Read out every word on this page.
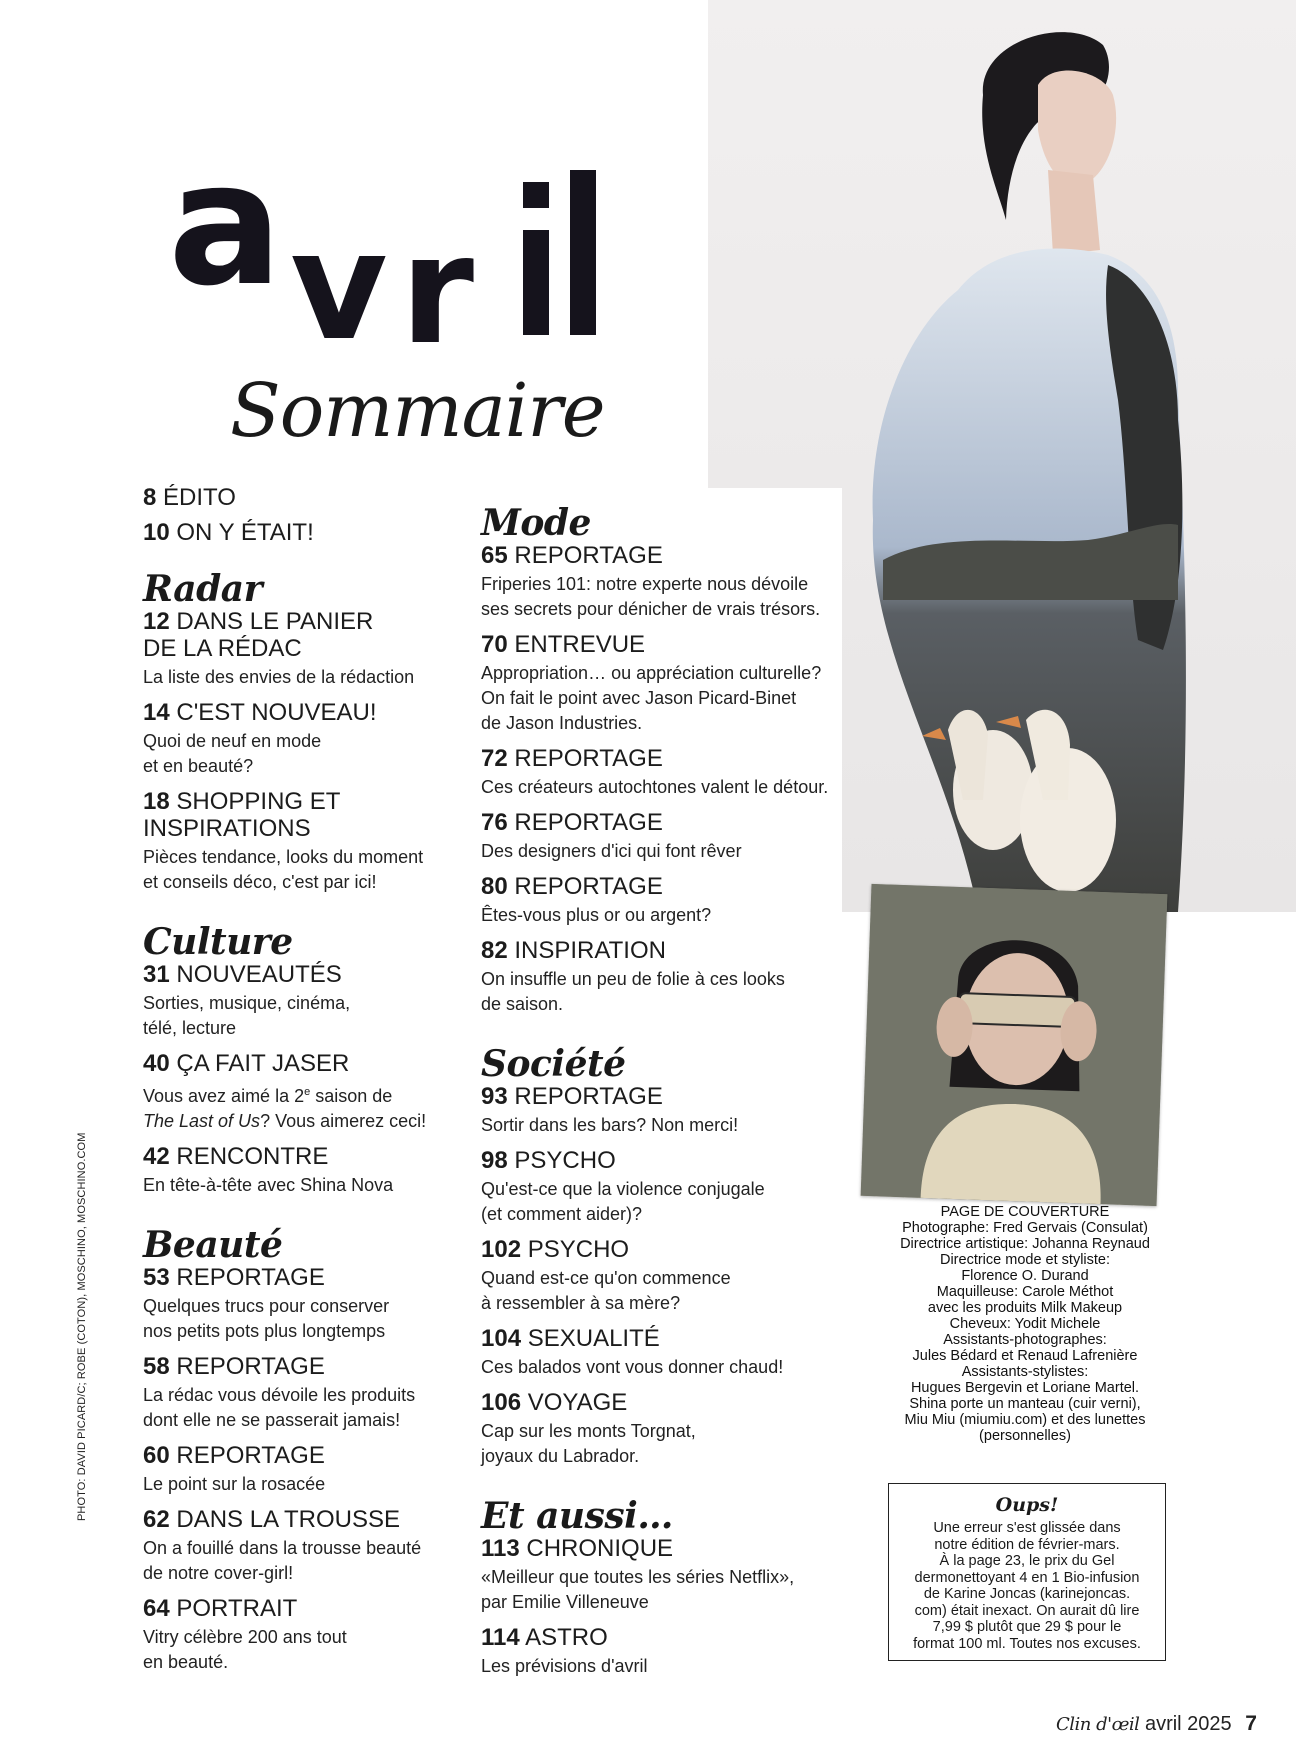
a v r
Sommaire
PAGE DE COUVERTURE
Photographe: Fred Gervais (Consulat)
Directrice artistique: Johanna Reynaud
Directrice mode et styliste:
Florence O. Durand
Maquilleuse: Carole Méthot
avec les produits Milk Makeup
Cheveux: Yodit Michele
Assistants-photographes:
Jules Bédard et Renaud Lafrenière
Assistants-stylistes:
Hugues Bergevin et Loriane Martel.
Shina porte un manteau (cuir verni),
Miu Miu (miumiu.com) et des lunettes
(personnelles)
Oups!
Une erreur s'est glissée dans
notre édition de février-mars.
À la page 23, le prix du Gel
dermonettoyant 4 en 1 Bio-infusion
de Karine Joncas (karinejoncas.
com) était inexact. On aurait dû lire
7,99 $ plutôt que 29 $ pour le
format 100 ml. Toutes nos excuses.
PHOTO: DAVID PICARD/C; ROBE (COTON), MOSCHINO, MOSCHINO.COM
8 ÉDITO
10 ON Y ÉTAIT!
Radar
12 DANS LE PANIER
DE LA RÉDAC
La liste des envies de la rédaction
14 C'EST NOUVEAU!
Quoi de neuf en mode
et en beauté?
18 SHOPPING ET
INSPIRATIONS
Pièces tendance, looks du moment
et conseils déco, c'est par ici!
Culture
31 NOUVEAUTÉS
Sorties, musique, cinéma,
télé, lecture
40 ÇA FAIT JASER
Vous avez aimé la 2e saison de
The Last of Us? Vous aimerez ceci!
42 RENCONTRE
En tête-à-tête avec Shina Nova
Beauté
53 REPORTAGE
Quelques trucs pour conserver
nos petits pots plus longtemps
58 REPORTAGE
La rédac vous dévoile les produits
dont elle ne se passerait jamais!
60 REPORTAGE
Le point sur la rosacée
62 DANS LA TROUSSE
On a fouillé dans la trousse beauté
de notre cover-girl!
64 PORTRAIT
Vitry célèbre 200 ans tout
en beauté.
Mode
65 REPORTAGE
Friperies 101: notre experte nous dévoile
ses secrets pour dénicher de vrais trésors.
70 ENTREVUE
Appropriation… ou appréciation culturelle?
On fait le point avec Jason Picard-Binet
de Jason Industries.
72 REPORTAGE
Ces créateurs autochtones valent le détour.
76 REPORTAGE
Des designers d'ici qui font rêver
80 REPORTAGE
Êtes-vous plus or ou argent?
82 INSPIRATION
On insuffle un peu de folie à ces looks
de saison.
Société
93 REPORTAGE
Sortir dans les bars? Non merci!
98 PSYCHO
Qu'est-ce que la violence conjugale
(et comment aider)?
102 PSYCHO
Quand est-ce qu'on commence
à ressembler à sa mère?
104 SEXUALITÉ
Ces balados vont vous donner chaud!
106 VOYAGE
Cap sur les monts Torgnat,
joyaux du Labrador.
Et aussi…
113 CHRONIQUE
«Meilleur que toutes les séries Netflix»,
par Emilie Villeneuve
114 ASTRO
Les prévisions d'avril
Clin d'œil avril 2025 7
